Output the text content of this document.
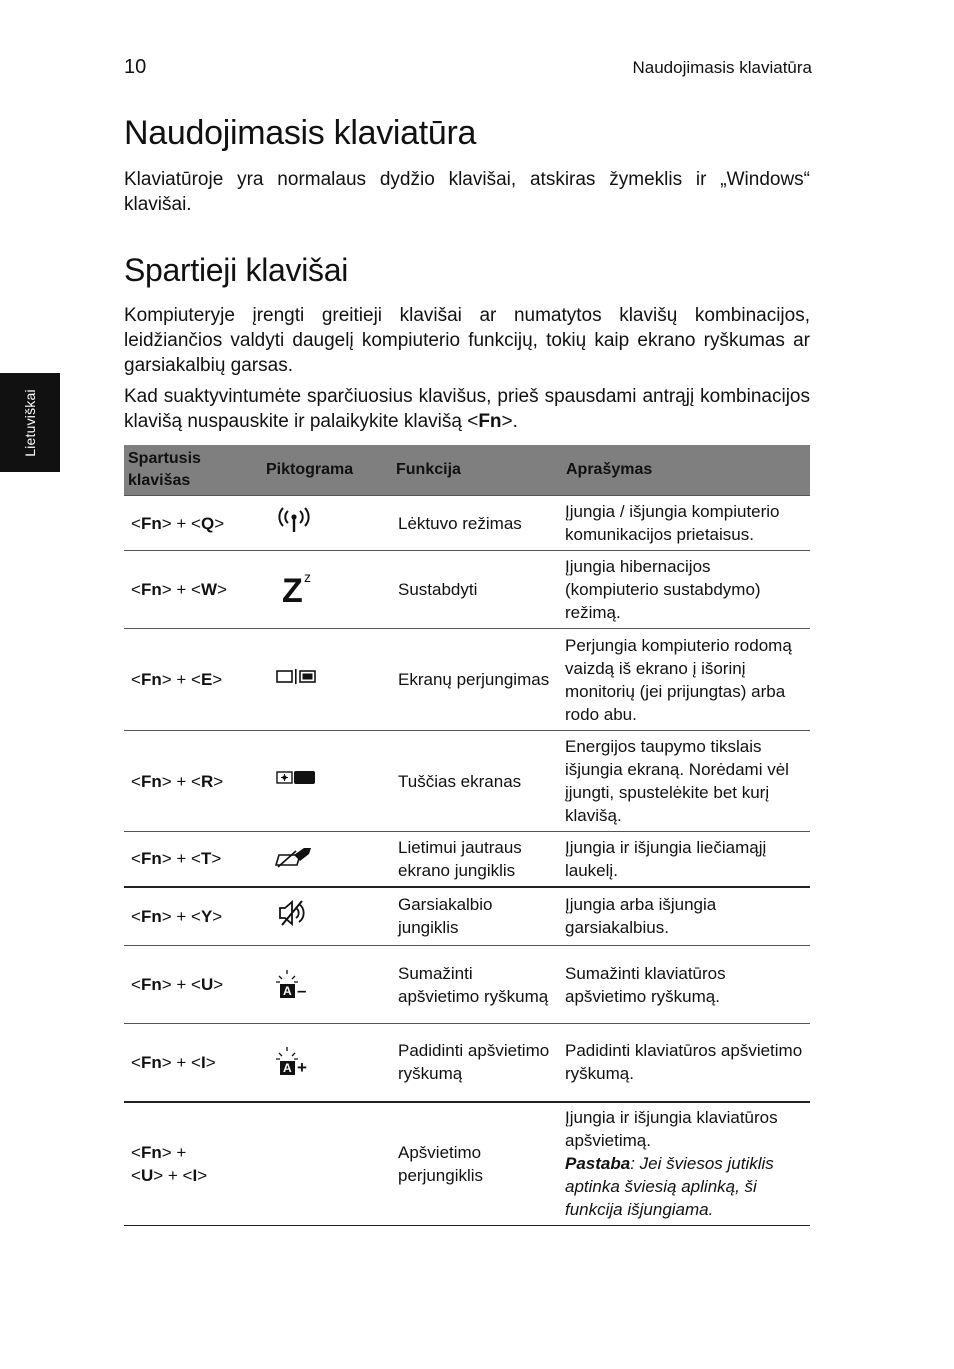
10	Naudojimasis klaviatūra
Lietuviškai
Naudojimasis klaviatūra

Klaviatūroje yra normalaus dydžio klavišai, atskiras žymeklis ir „Windows“ klavišai.

Spartieji klavišai

Kompiuteryje įrengti greitieji klavišai ar numatytos klavišų kombinacijos, leidžiančios valdyti daugelį kompiuterio funkcijų, tokių kaip ekrano ryškumas ar garsiakalbių garsas.

Kad suaktyvintumėte sparčiuosius klavišus, prieš spausdami antrąjį kombinacijos klavišą nuspauskite ir palaikykite klavišą <Fn>.

Spartusis klavišas	Piktograma	Funkcija	Aprašymas
<Fn> + <Q>		Lėktuvo režimas	Įjungia / išjungia kompiuterio komunikacijos prietaisus.
<Fn> + <W>	Z z	Sustabdyti	Įjungia hibernacijos (kompiuterio sustabdymo) režimą.
<Fn> + <E>		Ekranų perjungimas	Perjungia kompiuterio rodomą vaizdą iš ekrano į išorinį monitorių (jei prijungtas) arba rodo abu.
<Fn> + <R>		Tuščias ekranas	Energijos taupymo tikslais išjungia ekraną. Norėdami vėl įjungti, spustelėkite bet kurį klavišą.
<Fn> + <T>		Lietimui jautraus ekrano jungiklis	Įjungia ir išjungia liečiamąjį laukelį.
<Fn> + <Y>		Garsiakalbio jungiklis	Įjungia arba išjungia garsiakalbius.
<Fn> + <U>	A –	Sumažinti apšvietimo ryškumą	Sumažinti klaviatūros apšvietimo ryškumą.
<Fn> + <I>	A +	Padidinti apšvietimo ryškumą	Padidinti klaviatūros apšvietimo ryškumą.
<Fn> +
<U> + <I>		Apšvietimo perjungiklis	Įjungia ir išjungia klaviatūros apšvietimą.
Pastaba: Jei šviesos jutiklis aptinka šviesią aplinką, ši funkcija išjungiama.
